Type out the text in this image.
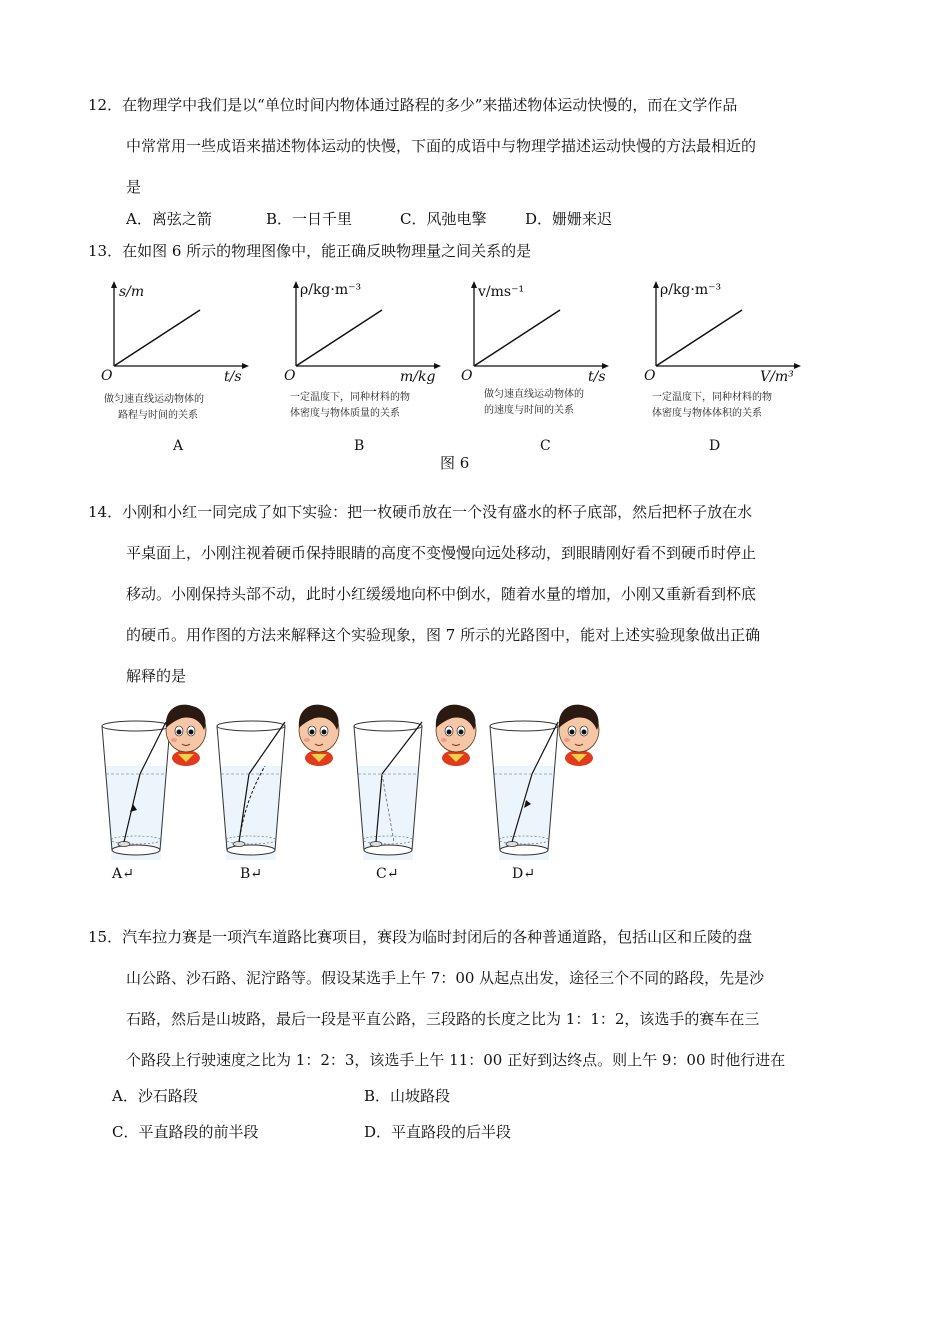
12．在物理学中我们是以“单位时间内物体通过路程的多少”来描述物体运动快慢的，而在文学作品
中常常用一些成语来描述物体运动的快慢，下面的成语中与物理学描述运动快慢的方法最相近的
是
A．离弦之箭	B．一日千里	C．风弛电擎	D．姗姗来迟
13．在如图 6 所示的物理图像中，能正确反映物理量之间关系的是
s/m
O	t/s
做匀速直线运动物体的
路程与时间的关系
A
ρ/kg·m⁻³
O	m/kg
一定温度下，同种材料的物
体密度与物体质量的关系
B
v/ms⁻¹
O	t/s
做匀速直线运动物体的
的速度与时间的关系
C
ρ/kg·m⁻³
O	V/m³
一定温度下，同种材料的物
体密度与物体体积的关系
D
图 6
14．小刚和小红一同完成了如下实验：把一枚硬币放在一个没有盛水的杯子底部，然后把杯子放在水
平桌面上，小刚注视着硬币保持眼睛的高度不变慢慢向远处移动，到眼睛刚好看不到硬币时停止
移动。小刚保持头部不动，此时小红缓缓地向杯中倒水，随着水量的增加，小刚又重新看到杯底
的硬币。用作图的方法来解释这个实验现象，图 7 所示的光路图中，能对上述实验现象做出正确
解释的是
A↵	B↵	C↵	D↵
15．汽车拉力赛是一项汽车道路比赛项目，赛段为临时封闭后的各种普通道路，包括山区和丘陵的盘
山公路、沙石路、泥泞路等。假设某选手上午 7：00 从起点出发，途径三个不同的路段，先是沙
石路，然后是山坡路，最后一段是平直公路，三段路的长度之比为 1：1：2，该选手的赛车在三
个路段上行驶速度之比为 1：2：3，该选手上午 11：00 正好到达终点。则上午 9：00 时他行进在
A．沙石路段	B．山坡路段
C．平直路段的前半段	D．平直路段的后半段
